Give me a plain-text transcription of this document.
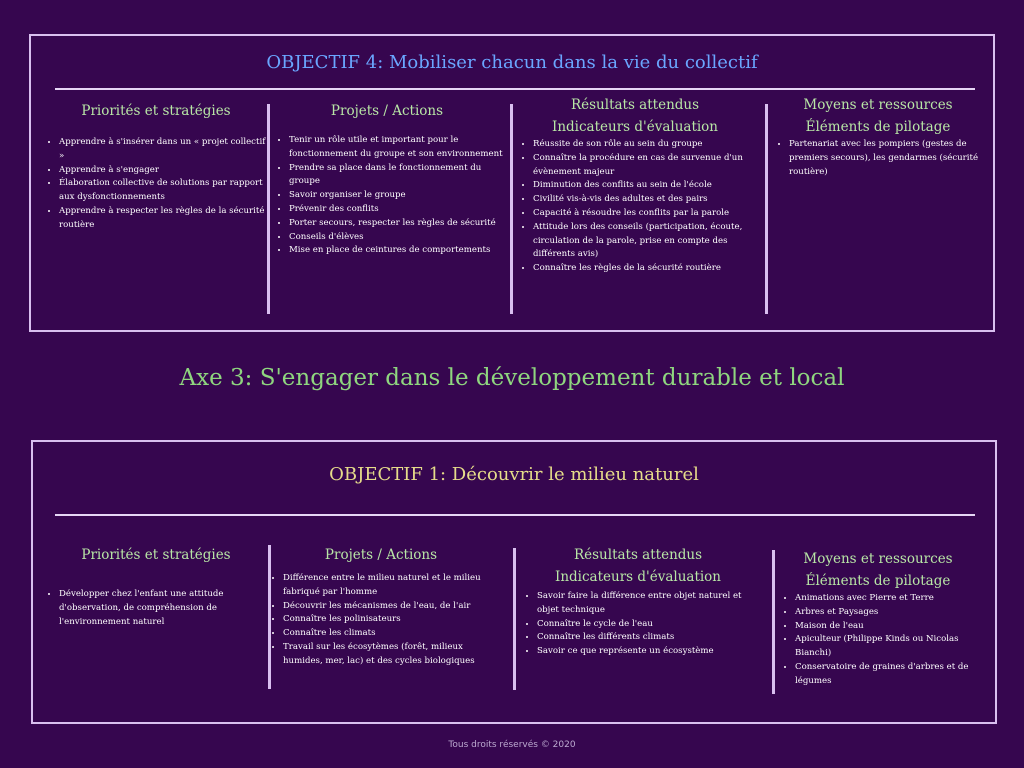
OBJECTIF 4: Mobiliser chacun dans la vie du collectif
Priorités et stratégies
• Apprendre à s'insérer dans un « projet collectif »
• Apprendre à s'engager
• Élaboration collective de solutions par rapport aux dysfonctionnements
• Apprendre à respecter les règles de la sécurité routière
Projets / Actions
• Tenir un rôle utile et important pour le fonctionnement du groupe et son environnement
• Prendre sa place dans le fonctionnement du groupe
• Savoir organiser le groupe
• Prévenir des conflits
• Porter secours, respecter les règles de sécurité
• Conseils d'élèves
• Mise en place de ceintures de comportements
Résultats attendus
Indicateurs d'évaluation
• Réussite de son rôle au sein du groupe
• Connaître la procédure en cas de survenue d'un évènement majeur
• Diminution des conflits au sein de l'école
• Civilité vis-à-vis des adultes et des pairs
• Capacité à résoudre les conflits par la parole
• Attitude lors des conseils (participation, écoute, circulation de la parole, prise en compte des différents avis)
• Connaître les règles de la sécurité routière
Moyens et ressources
Éléments de pilotage
• Partenariat avec les pompiers (gestes de premiers secours), les gendarmes (sécurité routière)
Axe 3: S'engager dans le développement durable et local
OBJECTIF 1: Découvrir le milieu naturel
Priorités et stratégies
• Développer chez l'enfant une attitude d'observation, de compréhension de l'environnement naturel
Projets / Actions
• Différence entre le milieu naturel et le milieu fabriqué par l'homme
• Découvrir les mécanismes de l'eau, de l'air
• Connaître les polinisateurs
• Connaître les climats
• Travail sur les écosytèmes (forêt, milieux humides, mer, lac) et des cycles biologiques
Résultats attendus
Indicateurs d'évaluation
• Savoir faire la différence entre objet naturel et objet technique
• Connaître le cycle de l'eau
• Connaître les différents climats
• Savoir ce que représente un écosystème
Moyens et ressources
Éléments de pilotage
• Animations avec Pierre et Terre
• Arbres et Paysages
• Maison de l'eau
• Apiculteur (Philippe Kinds ou Nicolas Bianchi)
• Conservatoire de graines d'arbres et de légumes
Tous droits réservés © 2020
